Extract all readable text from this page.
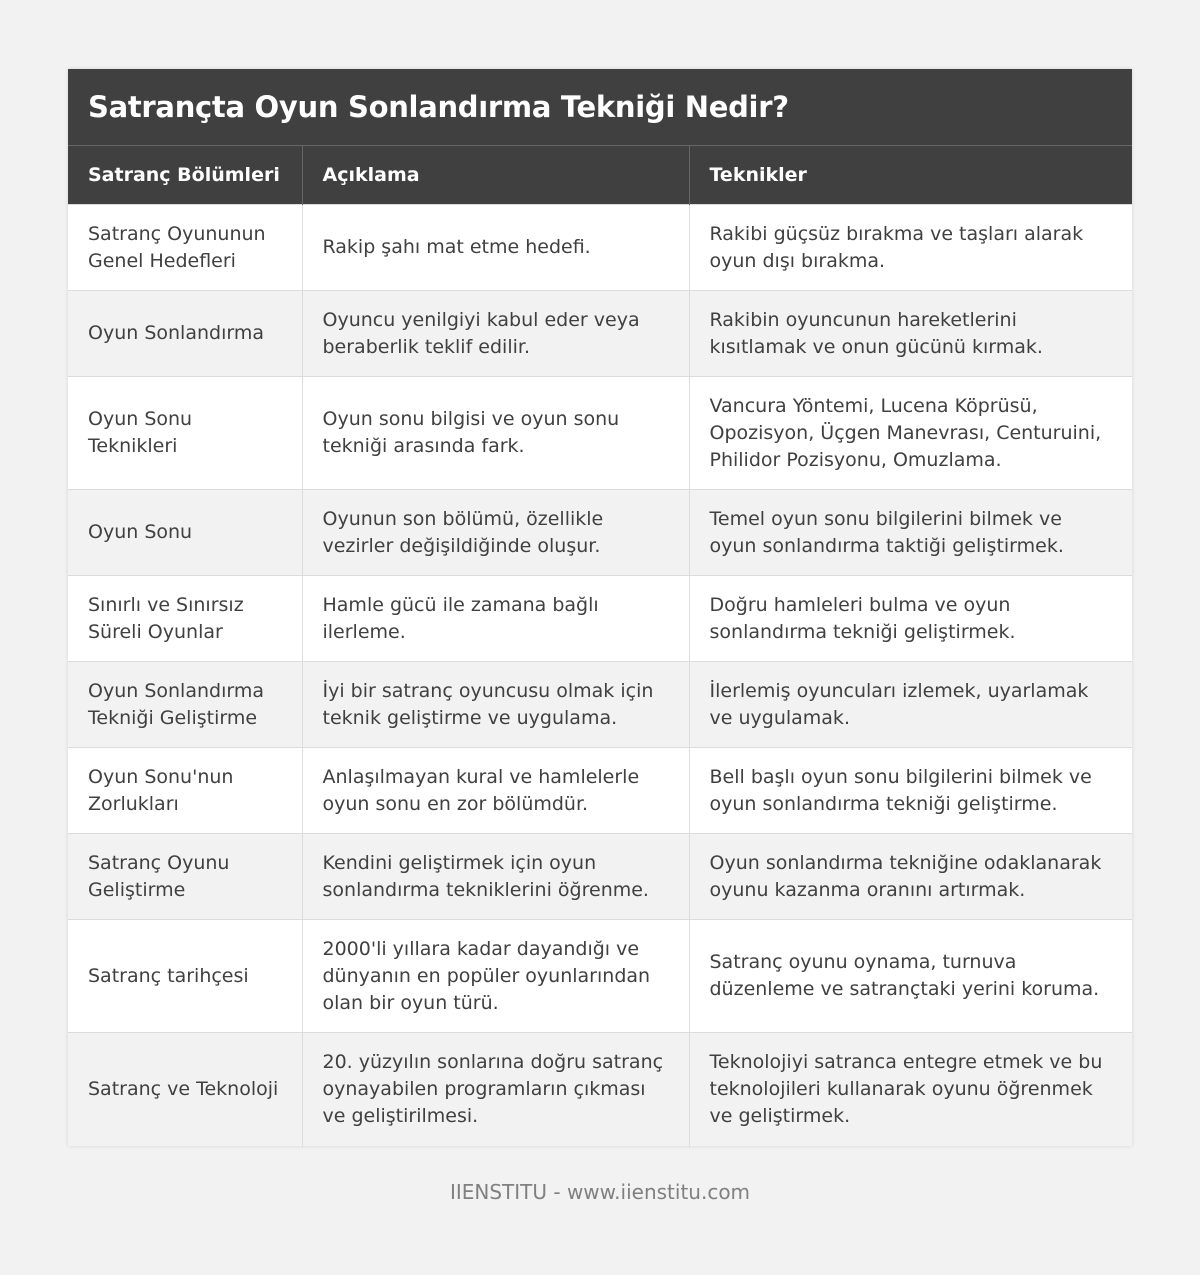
Satrançta Oyun Sonlandırma Tekniği Nedir?
Satranç Bölümleri	Açıklama	Teknikler
Satranç Oyununun Genel Hedefleri	Rakip şahı mat etme hedefi.	Rakibi güçsüz bırakma ve taşları alarak oyun dışı bırakma.
Oyun Sonlandırma	Oyuncu yenilgiyi kabul eder veya beraberlik teklif edilir.	Rakibin oyuncunun hareketlerini kısıtlamak ve onun gücünü kırmak.
Oyun Sonu Teknikleri	Oyun sonu bilgisi ve oyun sonu tekniği arasında fark.	Vancura Yöntemi, Lucena Köprüsü, Opozisyon, Üçgen Manevrası, Centuruini, Philidor Pozisyonu, Omuzlama.
Oyun Sonu	Oyunun son bölümü, özellikle vezirler değişildiğinde oluşur.	Temel oyun sonu bilgilerini bilmek ve oyun sonlandırma taktiği geliştirmek.
Sınırlı ve Sınırsız Süreli Oyunlar	Hamle gücü ile zamana bağlı ilerleme.	Doğru hamleleri bulma ve oyun sonlandırma tekniği geliştirmek.
Oyun Sonlandırma Tekniği Geliştirme	İyi bir satranç oyuncusu olmak için teknik geliştirme ve uygulama.	İlerlemiş oyuncuları izlemek, uyarlamak ve uygulamak.
Oyun Sonu'nun Zorlukları	Anlaşılmayan kural ve hamlelerle oyun sonu en zor bölümdür.	Bell başlı oyun sonu bilgilerini bilmek ve oyun sonlandırma tekniği geliştirme.
Satranç Oyunu Geliştirme	Kendini geliştirmek için oyun sonlandırma tekniklerini öğrenme.	Oyun sonlandırma tekniğine odaklanarak oyunu kazanma oranını artırmak.
Satranç tarihçesi	2000'li yıllara kadar dayandığı ve dünyanın en popüler oyunlarından olan bir oyun türü.	Satranç oyunu oynama, turnuva düzenleme ve satrançtaki yerini koruma.
Satranç ve Teknoloji	20. yüzyılın sonlarına doğru satranç oynayabilen programların çıkması ve geliştirilmesi.	Teknolojiyi satranca entegre etmek ve bu teknolojileri kullanarak oyunu öğrenmek ve geliştirmek.
IIENSTITU - www.iienstitu.com
